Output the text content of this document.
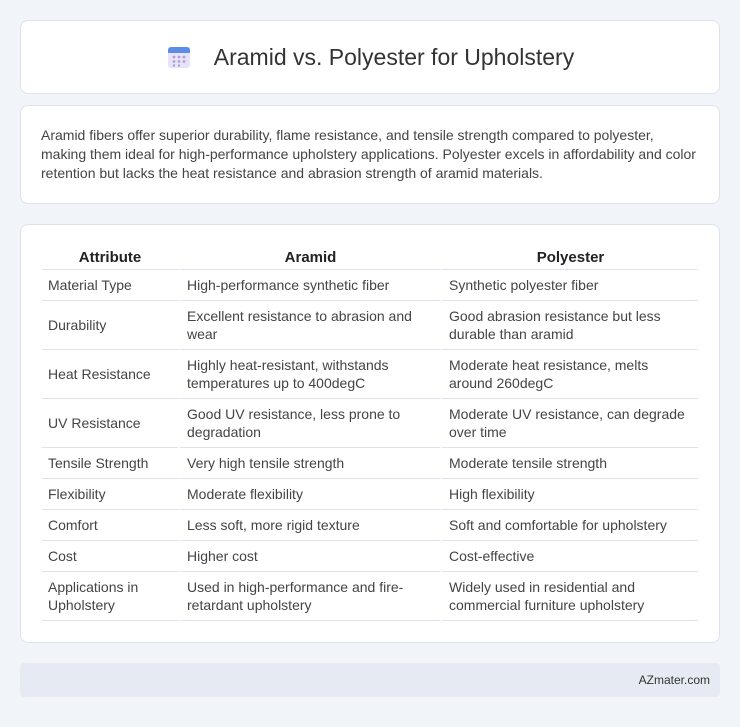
Aramid vs. Polyester for Upholstery

Aramid fibers offer superior durability, flame resistance, and tensile strength compared to polyester, making them ideal for high-performance upholstery applications. Polyester excels in affordability and color retention but lacks the heat resistance and abrasion strength of aramid materials.

Attribute	Aramid	Polyester
Material Type	High-performance synthetic fiber	Synthetic polyester fiber
Durability	Excellent resistance to abrasion and wear	Good abrasion resistance but less durable than aramid
Heat Resistance	Highly heat-resistant, withstands temperatures up to 400degC	Moderate heat resistance, melts around 260degC
UV Resistance	Good UV resistance, less prone to degradation	Moderate UV resistance, can degrade over time
Tensile Strength	Very high tensile strength	Moderate tensile strength
Flexibility	Moderate flexibility	High flexibility
Comfort	Less soft, more rigid texture	Soft and comfortable for upholstery
Cost	Higher cost	Cost-effective
Applications in Upholstery	Used in high-performance and fire-retardant upholstery	Widely used in residential and commercial furniture upholstery
AZmater.com
